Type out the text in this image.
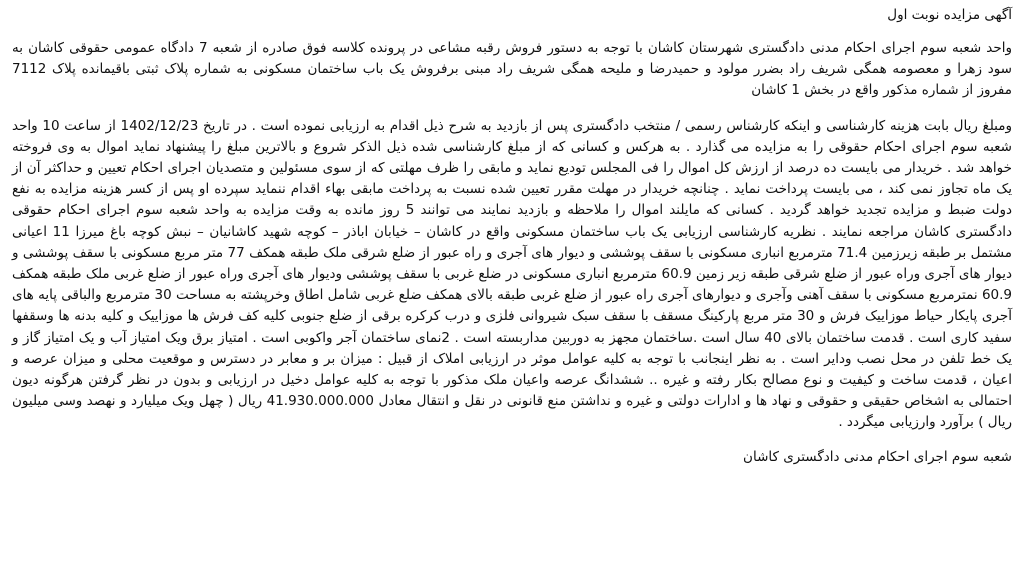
آگهی مزایده نوبت اول

واحد شعبه سوم اجرای احکام مدنی دادگستری شهرستان کاشان با توجه به دستور فروش رقبه مشاعی در پرونده کلاسه فوق صادره از شعبه 7 دادگاه عمومی حقوقی کاشان به سود زهرا و معصومه همگی شریف راد بضرر مولود و حمیدرضا و ملیحه همگی شریف راد مبنی برفروش یک باب ساختمان مسکونی به شماره پلاک ثبتی باقیمانده پلاک 7112 مفروز از شماره مذکور واقع در بخش 1 کاشان

ومبلغ ریال بابت هزینه کارشناسی و اینکه کارشناس رسمی / منتخب دادگستری پس از بازدید به شرح ذیل اقدام به ارزیابی نموده است . در تاریخ 1402/12/23 از ساعت 10 واحد شعبه سوم اجرای احکام حقوقی را به مزایده می گذارد . به هرکس و کسانی که از مبلغ کارشناسی شده ذیل الذکر شروع و بالاترین مبلغ را پیشنهاد نماید اموال به وی فروخته خواهد شد . خریدار می بایست ده درصد از ارزش کل اموال را فی المجلس تودیع نماید و مابقی را ظرف مهلتی که از سوی مسئولین و متصدیان اجرای احکام تعیین و حداکثر آن از یک ماه تجاوز نمی کند ، می بایست پرداخت نماید . چنانچه خریدار در مهلت مقرر تعیین شده نسبت به پرداخت مابقی بهاء اقدام ننماید سپرده او پس از کسر هزینه مزایده به نفع دولت ضبط و مزایده تجدید خواهد گردید . کسانی که مایلند اموال را ملاحظه و بازدید نمایند می توانند 5 روز مانده به وقت مزایده به واحد شعبه سوم اجرای احکام حقوقی دادگستری کاشان مراجعه نمایند . نظریه کارشناسی ارزیابی یک باب ساختمان مسکونی واقع در کاشان – خیابان اباذر – کوچه شهید کاشانیان – نبش کوچه باغ میرزا 11 اعیانی مشتمل بر طبقه زیرزمین 71.4 مترمربع انباری مسکونی با سقف پوششی و دیوار های آجری و راه عبور از ضلع شرقی ملک طبقه همکف 77 متر مربع مسکونی با سقف پوششی و دیوار های آجری وراه عبور از ضلع شرقی طبقه زیر زمین 60.9 مترمربع انباری مسکونی در ضلع غربی با سقف پوششی ودیوار های آجری وراه عبور از ضلع غربی ملک طبقه همکف 60.9 نمترمربع مسکونی با سقف آهنی وآجری و دیوارهای آجری راه عبور از ضلع غربی طبقه بالای همکف ضلع غربی شامل اطاق وخرپشته به مساحت 30 مترمربع والباقی پایه های آجری پایکار حیاط موزاییک فرش و 30 متر مربع پارکینگ مسقف با سقف سبک شیروانی فلزی و درب کرکره برقی از ضلع جنوبی کلیه کف فرش ها موزاییک و کلیه بدنه ها وسقفها سفید کاری است . قدمت ساختمان بالای 40 سال است .ساختمان مجهز به دوربین مداربسته است . 2نمای ساختمان آجر واکوبی است . امتیاز برق ویک امتیاز آب و یک امتیاز گاز و یک خط تلفن در محل نصب ودایر است . به نظر اینجانب با توجه به کلیه عوامل موثر در ارزیابی املاک از قبیل : میزان بر و معابر در دسترس و موقعیت محلی و میزان عرصه و اعیان ، قدمت ساخت و کیفیت و نوع مصالح بکار رفته و غیره .. ششدانگ عرصه واعیان ملک مذکور با توجه به کلیه عوامل دخیل در ارزیابی و بدون در نظر گرفتن هرگونه دیون احتمالی به اشخاص حقیقی و حقوقی و نهاد ها و ادارات دولتی و غیره و نداشتن منع قانونی در نقل و انتقال معادل 41.930.000.000 ریال ( چهل ویک میلیارد و نهصد وسی میلیون ریال ) برآورد وارزیابی میگردد .

شعبه سوم اجرای احکام مدنی دادگستری کاشان
